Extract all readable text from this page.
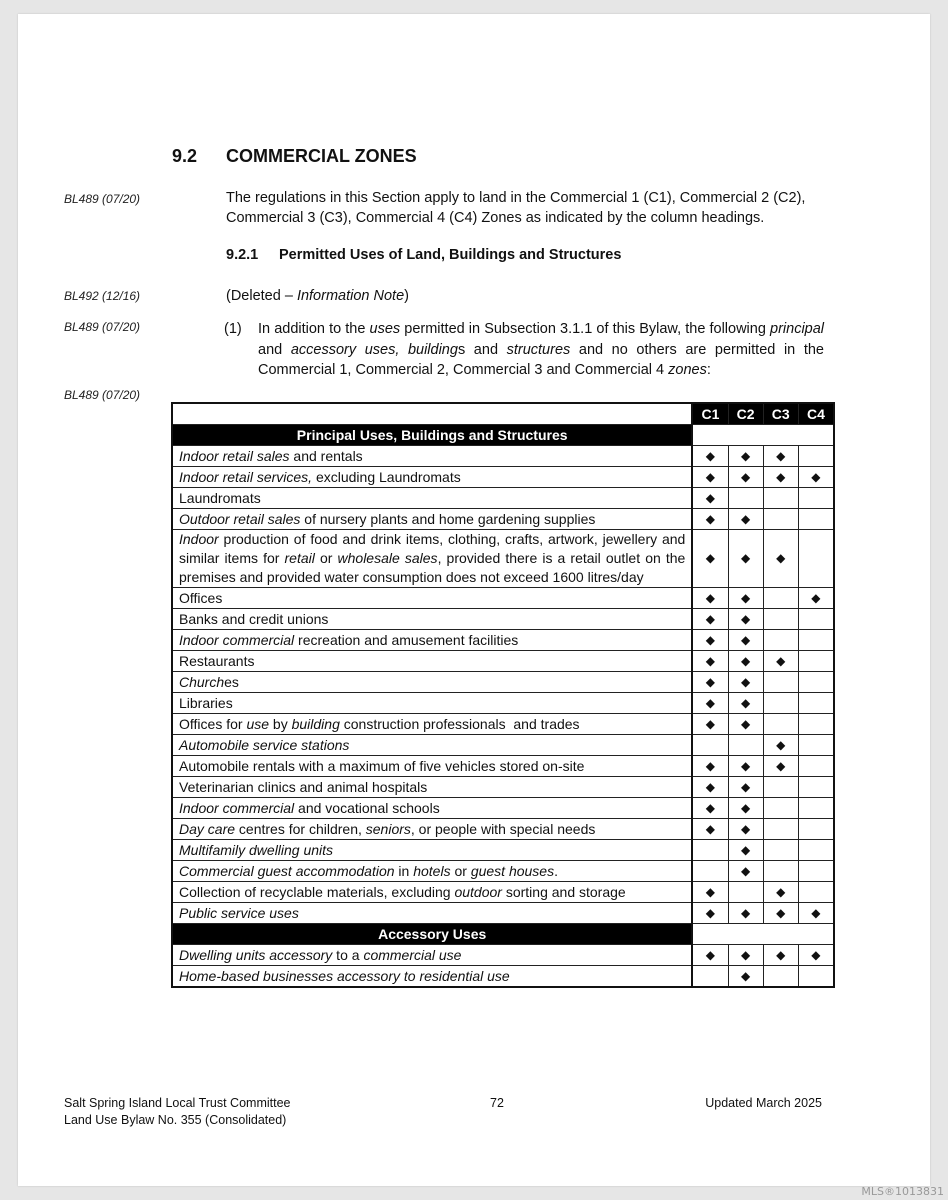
9.2 COMMERCIAL ZONES
BL489 (07/20)	The regulations in this Section apply to land in the Commercial 1 (C1), Commercial 2 (C2), Commercial 3 (C3), Commercial 4 (C4) Zones as indicated by the column headings.
9.2.1 Permitted Uses of Land, Buildings and Structures
BL492 (12/16)	(Deleted – Information Note)
BL489 (07/20)	(1) In addition to the uses permitted in Subsection 3.1.1 of this Bylaw, the following principal and accessory uses, buildings and structures and no others are permitted in the Commercial 1, Commercial 2, Commercial 3 and Commercial 4 zones:
BL489 (07/20)
	C1	C2	C3	C4
Principal Uses, Buildings and Structures				
Indoor retail sales and rentals	◆	◆	◆	
Indoor retail services, excluding Laundromats	◆	◆	◆	◆
Laundromats	◆			
Outdoor retail sales of nursery plants and home gardening supplies	◆	◆		
Indoor production of food and drink items, clothing, crafts, artwork, jewellery and similar items for retail or wholesale sales, provided there is a retail outlet on the premises and provided water consumption does not exceed 1600 litres/day	◆	◆	◆	
Offices	◆	◆		◆
Banks and credit unions	◆	◆		
Indoor commercial recreation and amusement facilities	◆	◆		
Restaurants	◆	◆	◆	
Churches	◆	◆		
Libraries	◆	◆		
Offices for use by building construction professionals  and trades	◆	◆		
Automobile service stations			◆	
Automobile rentals with a maximum of five vehicles stored on-site	◆	◆	◆	
Veterinarian clinics and animal hospitals	◆	◆		
Indoor commercial and vocational schools	◆	◆		
Day care centres for children, seniors, or people with special needs	◆	◆		
Multifamily dwelling units		◆		
Commercial guest accommodation in hotels or guest houses.		◆		
Collection of recyclable materials, excluding outdoor sorting and storage	◆		◆	
Public service uses	◆	◆	◆	◆
Accessory Uses				
Dwelling units accessory to a commercial use	◆	◆	◆	◆
Home-based businesses accessory to residential use		◆		
Salt Spring Island Local Trust Committee
Land Use Bylaw No. 355 (Consolidated)
72	Updated March 2025
MLS®1013831
